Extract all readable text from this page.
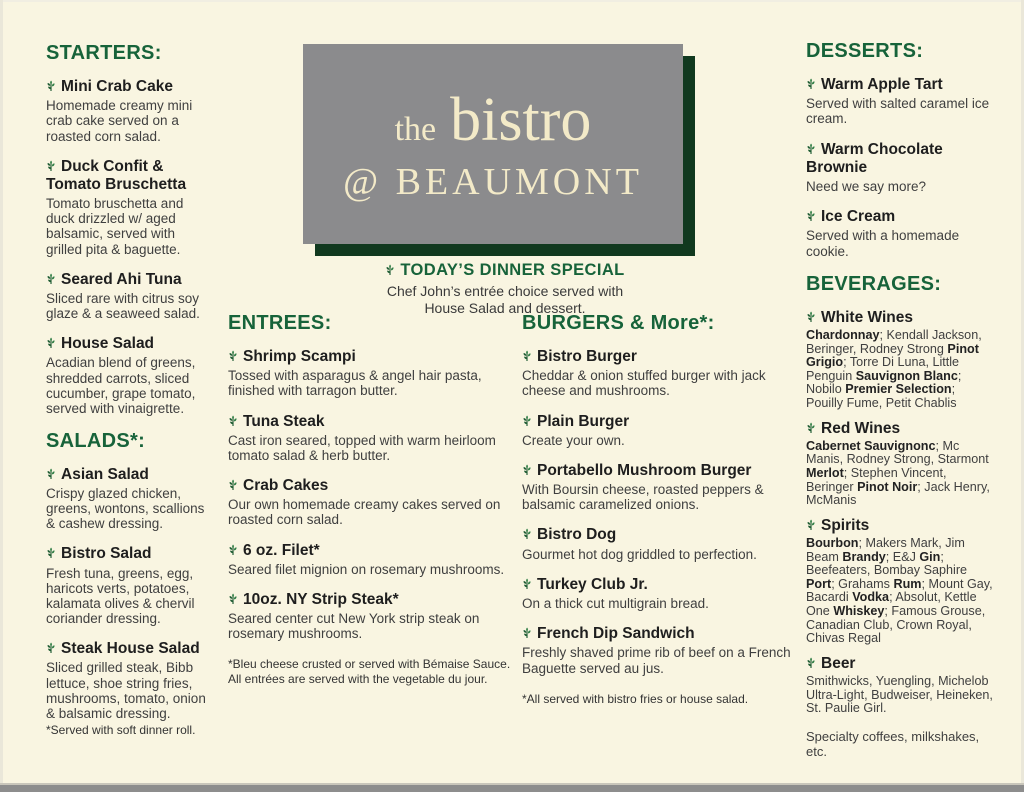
STARTERS:
Mini Crab Cake
Homemade creamy mini crab cake served on a roasted corn salad.
Duck Confit & Tomato Bruschetta
Tomato bruschetta and duck drizzled w/ aged balsamic, served with grilled pita & baguette.
Seared Ahi Tuna
Sliced rare with citrus soy glaze & a seaweed salad.
House Salad
Acadian blend of greens, shredded carrots, sliced cucumber, grape tomato, served with vinaigrette.
SALADS*:
Asian Salad
Crispy glazed chicken, greens, wontons, scallions & cashew dressing.
Bistro Salad
Fresh tuna, greens, egg, haricots verts, potatoes, kalamata olives & chervil coriander dressing.
Steak House Salad
Sliced grilled steak, Bibb lettuce, shoe string fries, mushrooms, tomato, onion & balsamic dressing.
*Served with soft dinner roll.
the bistro
@ BEAUMONT
TODAY’S DINNER SPECIAL
Chef John’s entrée choice served with
House Salad and dessert.
ENTREES:
Shrimp Scampi
Tossed with asparagus & angel hair pasta, finished with tarragon butter.
Tuna Steak
Cast iron seared, topped with warm heirloom tomato salad & herb butter.
Crab Cakes
Our own homemade creamy cakes served on roasted corn salad.
6 oz. Filet*
Seared filet mignion on rosemary mushrooms.
10oz. NY Strip Steak*
Seared center cut New York strip steak on rosemary mushrooms.
*Bleu cheese crusted or served with Bémaise Sauce. All entrées are served with the vegetable du jour.
BURGERS & More*:
Bistro Burger
Cheddar & onion stuffed burger with jack cheese and mushrooms.
Plain Burger
Create your own.
Portabello Mushroom Burger
With Boursin cheese, roasted peppers & balsamic caramelized onions.
Bistro Dog
Gourmet hot dog griddled to perfection.
Turkey Club Jr.
On a thick cut multigrain bread.
French Dip Sandwich
Freshly shaved prime rib of beef on a French Baguette served au jus.
*All served with bistro fries or house salad.
DESSERTS:
Warm Apple Tart
Served with salted caramel ice cream.
Warm Chocolate Brownie
Need we say more?
Ice Cream
Served with a homemade cookie.
BEVERAGES:
White Wines
Chardonnay; Kendall Jackson, Beringer, Rodney Strong Pinot Grigio; Torre Di Luna, Little Penguin Sauvignon Blanc; Nobilo Premier Selection; Pouilly Fume, Petit Chablis
Red Wines
Cabernet Sauvignonc; Mc Manis, Rodney Strong, Starmont Merlot; Stephen Vincent, Beringer Pinot Noir; Jack Henry, McManis
Spirits
Bourbon; Makers Mark, Jim Beam Brandy; E&J Gin; Beefeaters, Bombay Saphire Port; Grahams Rum; Mount Gay, Bacardi Vodka; Absolut, Kettle One Whiskey; Famous Grouse, Canadian Club, Crown Royal, Chivas Regal
Beer
Smithwicks, Yuengling, Michelob Ultra-Light, Budweiser, Heineken, St. Paulie Girl.
Specialty coffees, milkshakes, etc.
